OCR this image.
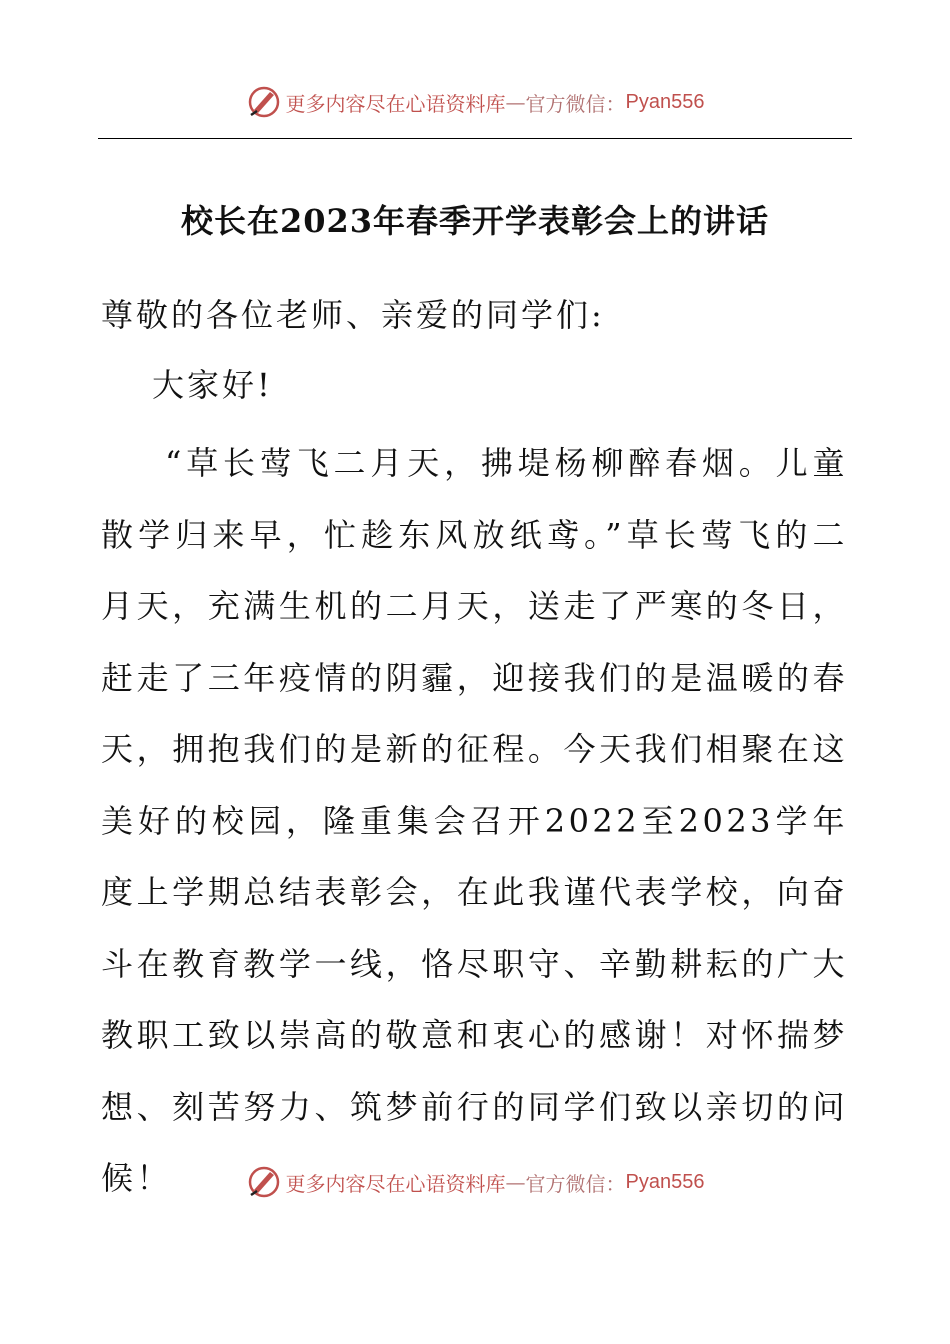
更多内容尽在心语资料库 — 官方微信： Pyan556
校长在2023年春季开学表彰会上的讲话
尊敬的各位老师、亲爱的同学们:
大家好!
“草长莺飞二月天，拂堤杨柳醉春烟。儿童散学归来早，忙趁东风放纸鸢。”草长莺飞的二月天，充满生机的二月天，送走了严寒的冬日，赶走了三年疫情的阴霾，迎接我们的是温暖的春天，拥抱我们的是新的征程。今天我们相聚在这美好的校园，隆重集会召开2022至2023学年度上学期总结表彰会，在此我谨代表学校，向奋斗在教育教学一线，恪尽职守、辛勤耕耘的广大教职工致以崇高的敬意和衷心的感谢！对怀揣梦想、刻苦努力、筑梦前行的同学们致以亲切的问候！	更多内容尽在心语资料库 — 官方微信： Pyan556
